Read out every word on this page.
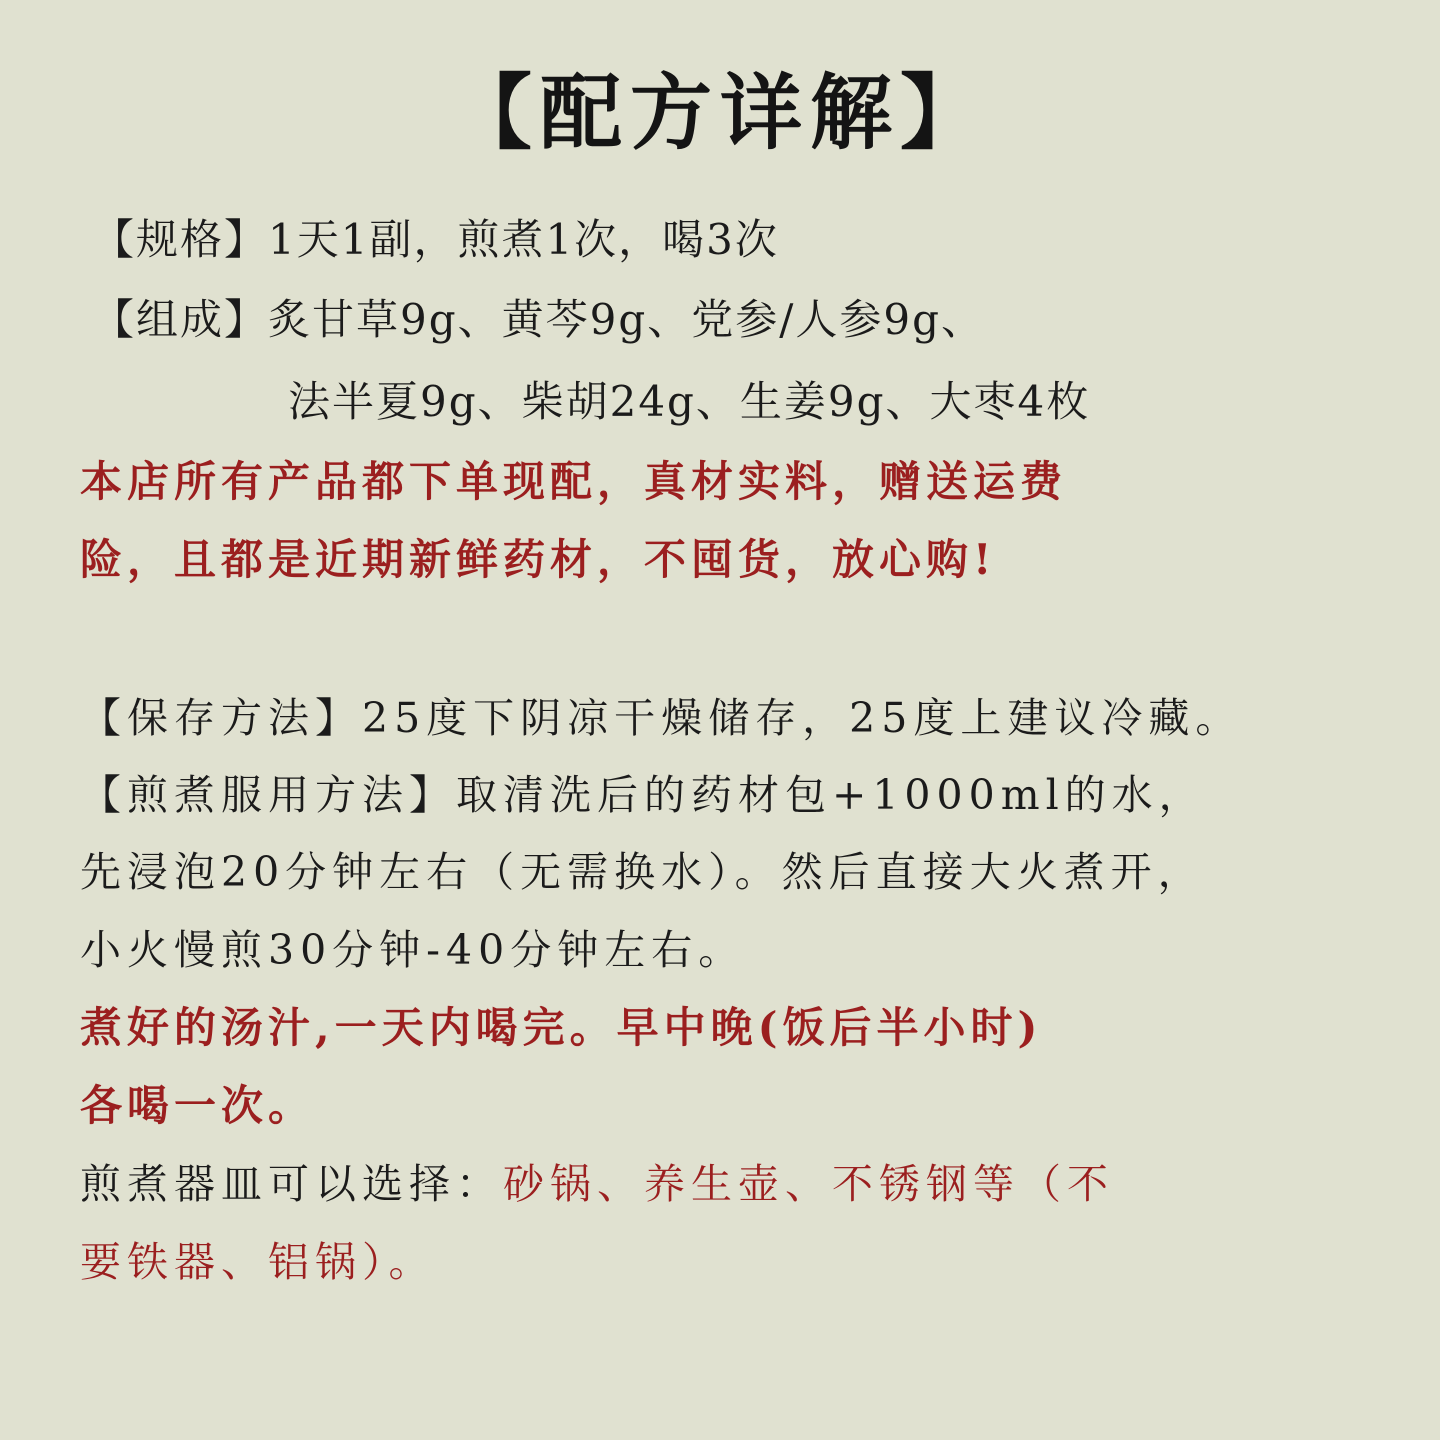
【配方详解】
【规格】1天1副，煎煮1次，喝3次
【组成】炙甘草9g、黄芩9g、党参/人参9g、
法半夏9g、柴胡24g、生姜9g、大枣4枚
本店所有产品都下单现配，真材实料，赠送运费
险，且都是近期新鲜药材，不囤货，放心购!
【保存方法】25度下阴凉干燥储存，25度上建议冷藏。
【煎煮服用方法】取清洗后的药材包+1000ml的水，
先浸泡20分钟左右（无需换水）。然后直接大火煮开，
小火慢煎30分钟-40分钟左右。
煮好的汤汁,一天内喝完。早中晚(饭后半小时)
各喝一次。
煎煮器皿可以选择：砂锅、养生壶、不锈钢等（不
要铁器、铝锅）。
